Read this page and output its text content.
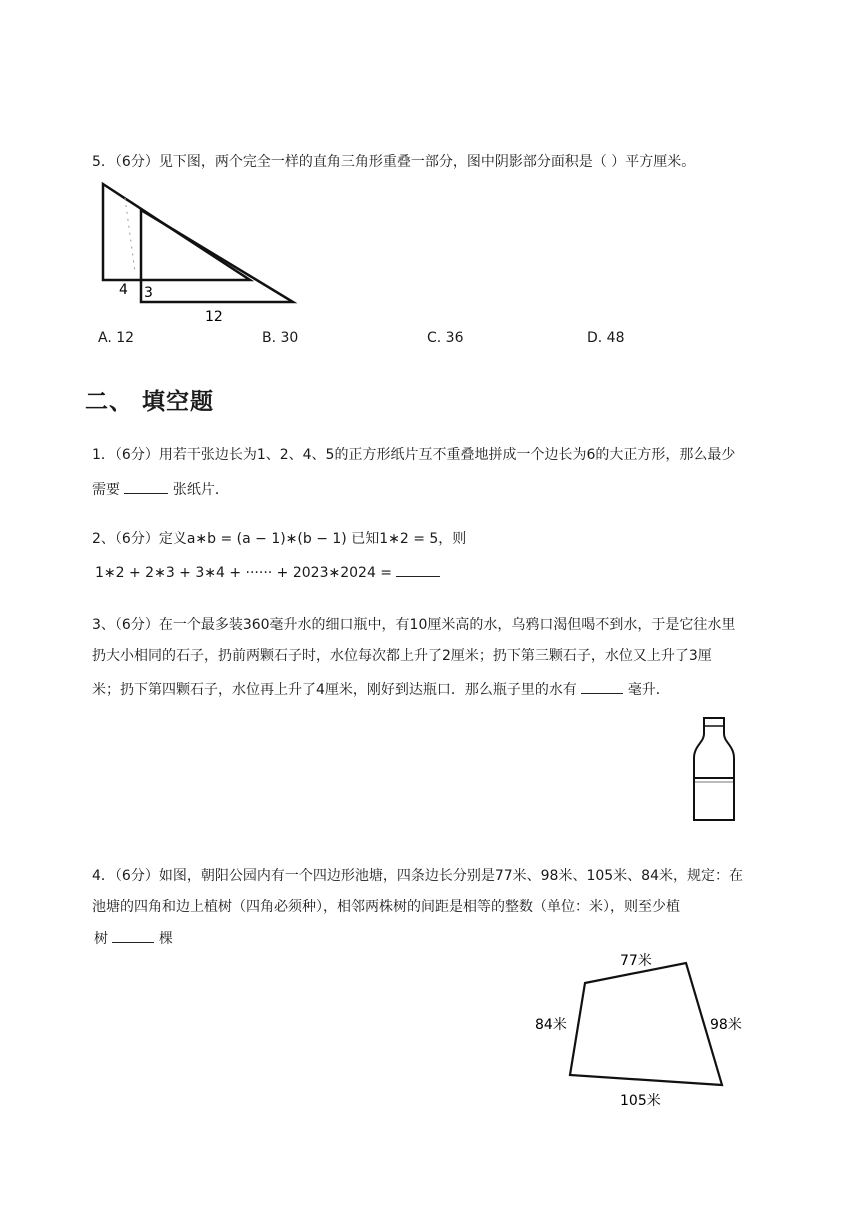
5．（6分）见下图，两个完全一样的直角三角形重叠一部分，图中阴影部分面积是（ ）平方厘米。
4 3
12
A. 12	B. 30	C. 36	D. 48
二、 填空题
1．（6分）用若干张边长为1、2、4、5的正方形纸片互不重叠地拼成一个边长为6的大正方形，那么最少
需要	张纸片．
2、（6分）定义a∗b = (a − 1)∗(b − 1) 已知1∗2 = 5，则
1∗2 + 2∗3 + 3∗4 + ······ + 2023∗2024 =
3、（6分）在一个最多装360毫升水的细口瓶中，有10厘米高的水，乌鸦口渴但喝不到水，于是它往水里
扔大小相同的石子，扔前两颗石子时，水位每次都上升了2厘米；扔下第三颗石子，水位又上升了3厘
米；扔下第四颗石子，水位再上升了4厘米，刚好到达瓶口．那么瓶子里的水有	毫升．
4．（6分）如图，朝阳公园内有一个四边形池塘，四条边长分别是77米、98米、105米、84米，规定：在
池塘的四角和边上植树（四角必须种），相邻两株树的间距是相等的整数（单位：米），则至少植
树	棵
77米
98米
105米
84米
